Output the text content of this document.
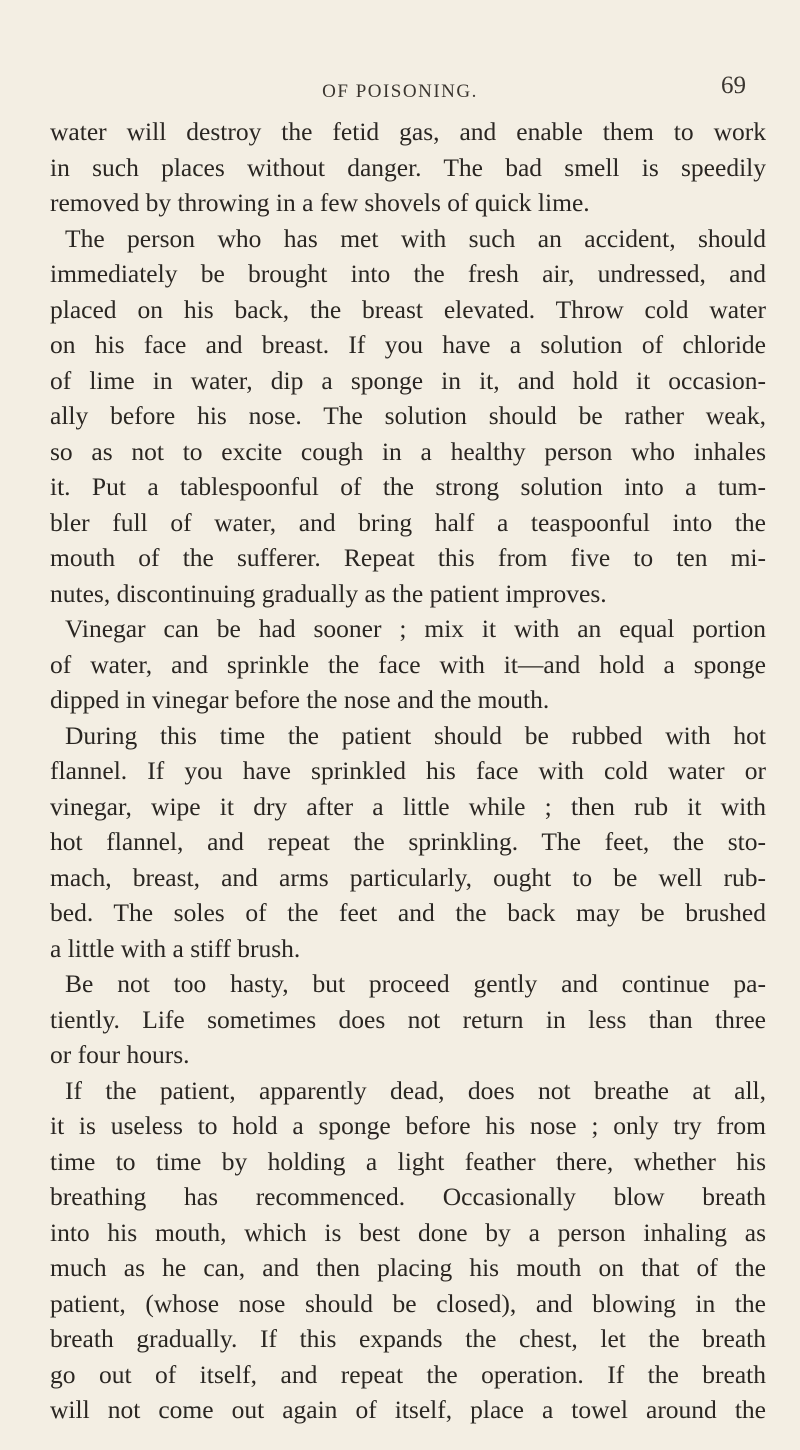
OF POISONING.	69
water will destroy the fetid gas, and enable them to work
in such places without danger. The bad smell is speedily
removed by throwing in a few shovels of quick lime.
The person who has met with such an accident, should
immediately be brought into the fresh air, undressed, and
placed on his back, the breast elevated. Throw cold water
on his face and breast. If you have a solution of chloride
of lime in water, dip a sponge in it, and hold it occasion-
ally before his nose. The solution should be rather weak,
so as not to excite cough in a healthy person who inhales
it. Put a tablespoonful of the strong solution into a tum-
bler full of water, and bring half a teaspoonful into the
mouth of the sufferer. Repeat this from five to ten mi-
nutes, discontinuing gradually as the patient improves.
Vinegar can be had sooner ; mix it with an equal portion
of water, and sprinkle the face with it—and hold a sponge
dipped in vinegar before the nose and the mouth.
During this time the patient should be rubbed with hot
flannel. If you have sprinkled his face with cold water or
vinegar, wipe it dry after a little while ; then rub it with
hot flannel, and repeat the sprinkling. The feet, the sto-
mach, breast, and arms particularly, ought to be well rub-
bed. The soles of the feet and the back may be brushed
a little with a stiff brush.
Be not too hasty, but proceed gently and continue pa-
tiently. Life sometimes does not return in less than three
or four hours.
If the patient, apparently dead, does not breathe at all,
it is useless to hold a sponge before his nose ; only try from
time to time by holding a light feather there, whether his
breathing has recommenced. Occasionally blow breath
into his mouth, which is best done by a person inhaling as
much as he can, and then placing his mouth on that of the
patient, (whose nose should be closed), and blowing in the
breath gradually. If this expands the chest, let the breath
go out of itself, and repeat the operation. If the breath
will not come out again of itself, place a towel around the
